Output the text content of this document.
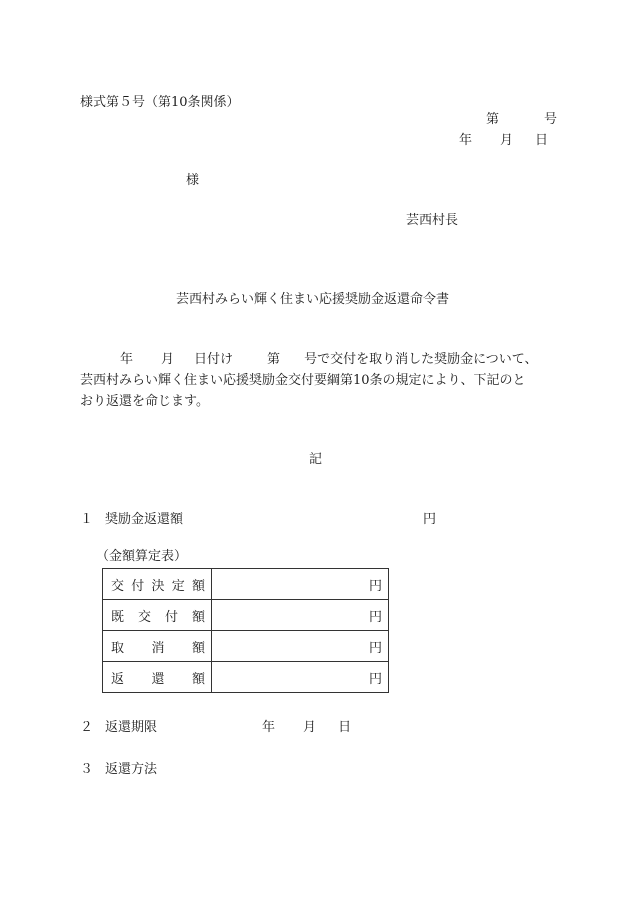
様式第５号（第10条関係）
第	号
年 月 日
様
芸西村長
芸西村みらい輝く住まい応援奨励金返還命令書
年 月 日付け	第 号で交付を取り消した奨励金について、
芸西村みらい輝く住まい応援奨励金交付要綱第10条の規定により、下記のと
おり返還を命じます。
記
１ 奨励金返還額	円
（金額算定表）
交 付 決 定 額	円

既 交 付 額	円

取 消 額	円

返 還 額	円
２ 返還期限	年 月 日
３ 返還方法
